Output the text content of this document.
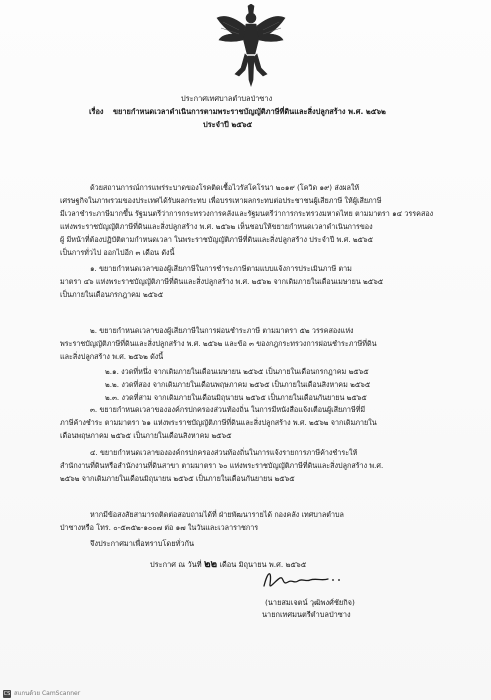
ประกาศเทศบาลตำบลป่าซาง
เรื่อง ขยายกำหนดเวลาดำเนินการตามพระราชบัญญัติภาษีที่ดินและสิ่งปลูกสร้าง พ.ศ. ๒๕๖๒
ประจำปี ๒๕๖๕
ด้วยสถานการณ์การแพร่ระบาดของโรคติดเชื้อไวรัสโคโรนา ๒๐๑๙ (โควิด ๑๙) ส่งผลให้
เศรษฐกิจในภาพรวมของประเทศได้รับผลกระทบ เพื่อบรรเทาผลกระทบต่อประชาชนผู้เสียภาษี ให้ผู้เสียภาษี
มีเวลาชำระภาษีมากขึ้น รัฐมนตรีว่าการกระทรวงการคลังและรัฐมนตรีว่าการกระทรวงมหาดไทย ตามมาตรา ๑๔ วรรคสอง
แห่งพระราชบัญญัติภาษีที่ดินและสิ่งปลูกสร้าง พ.ศ. ๒๕๖๒ เห็นชอบให้ขยายกำหนดเวลาดำเนินการของ
ผู้ มีหน้าที่ต้องปฏิบัติตามกำหนดเวลา ในพระราชบัญญัติภาษีที่ดินและสิ่งปลูกสร้าง ประจำปี พ.ศ. ๒๕๖๕
เป็นการทั่วไป ออกไปอีก ๓ เดือน ดังนี้
๑. ขยายกำหนดเวลาของผู้เสียภาษีในการชำระภาษีตามแบบแจ้งการประเมินภาษี ตาม
มาตรา ๔๖ แห่งพระราชบัญญัติภาษีที่ดินและสิ่งปลูกสร้าง พ.ศ. ๒๕๖๒ จากเดิมภายในเดือนเมษายน ๒๕๖๕
เป็นภายในเดือนกรกฎาคม ๒๕๖๕
๒. ขยายกำหนดเวลาของผู้เสียภาษีในการผ่อนชำระภาษี ตามมาตรา ๕๒ วรรคสองแห่ง
พระราชบัญญัติภาษีที่ดินและสิ่งปลูกสร้าง พ.ศ. ๒๕๖๒ และข้อ ๓ ของกฎกระทรวงการผ่อนชำระภาษีที่ดิน
และสิ่งปลูกสร้าง พ.ศ. ๒๕๖๒ ดังนี้
๒.๑. งวดที่หนึ่ง จากเดิมภายในเดือนเมษายน ๒๕๖๕ เป็นภายในเดือนกรกฎาคม ๒๕๖๕
๒.๒. งวดที่สอง จากเดิมภายในเดือนพฤษภาคม ๒๕๖๕ เป็นภายในเดือนสิงหาคม ๒๕๖๕
๒.๓. งวดที่สาม จากเดิมภายในเดือนมิถุนายน ๒๕๖๕ เป็นภายในเดือนกันยายน ๒๕๖๕
๓. ขยายกำหนดเวลาขององค์กรปกครองส่วนท้องถิ่น ในการมีหนังสือแจ้งเตือนผู้เสียภาษีที่มี
ภาษีค้างชำระ ตามมาตรา ๖๑ แห่งพระราชบัญญัติภาษีที่ดินและสิ่งปลูกสร้าง พ.ศ. ๒๕๖๒ จากเดิมภายใน
เดือนพฤษภาคม ๒๕๖๕ เป็นภายในเดือนสิงหาคม ๒๕๖๕
๔. ขยายกำหนดเวลาขององค์กรปกครองส่วนท้องถิ่นในการแจ้งรายการภาษีค้างชำระให้
สำนักงานที่ดินหรือสำนักงานที่ดินสาขา ตามมาตรา ๖๐ แห่งพระราชบัญญัติภาษีที่ดินและสิ่งปลูกสร้าง พ.ศ.
๒๕๖๒ จากเดิมภายในเดือนมิถุนายน ๒๕๖๕ เป็นภายในเดือนกันยายน ๒๕๖๕
หากมีข้อสงสัยสามารถติดต่อสอบถามได้ที่ ฝ่ายพัฒนารายได้ กองคลัง เทศบาลตำบล
ป่าซางหรือ โทร. ๐-๕๓๕๒-๑๐๐๗ ต่อ ๑๗ ในวันและเวลาราชการ
จึงประกาศมาเพื่อทราบโดยทั่วกัน
ประกาศ ณ วันที่ ๒๒ เดือน มิถุนายน พ.ศ. ๒๕๖๕
(นายสมเจตน์ วุฒิพงศ์ชัยกิจ)
นายกเทศมนตรีตำบลป่าซาง
CS สแกนด้วย CamScanner
